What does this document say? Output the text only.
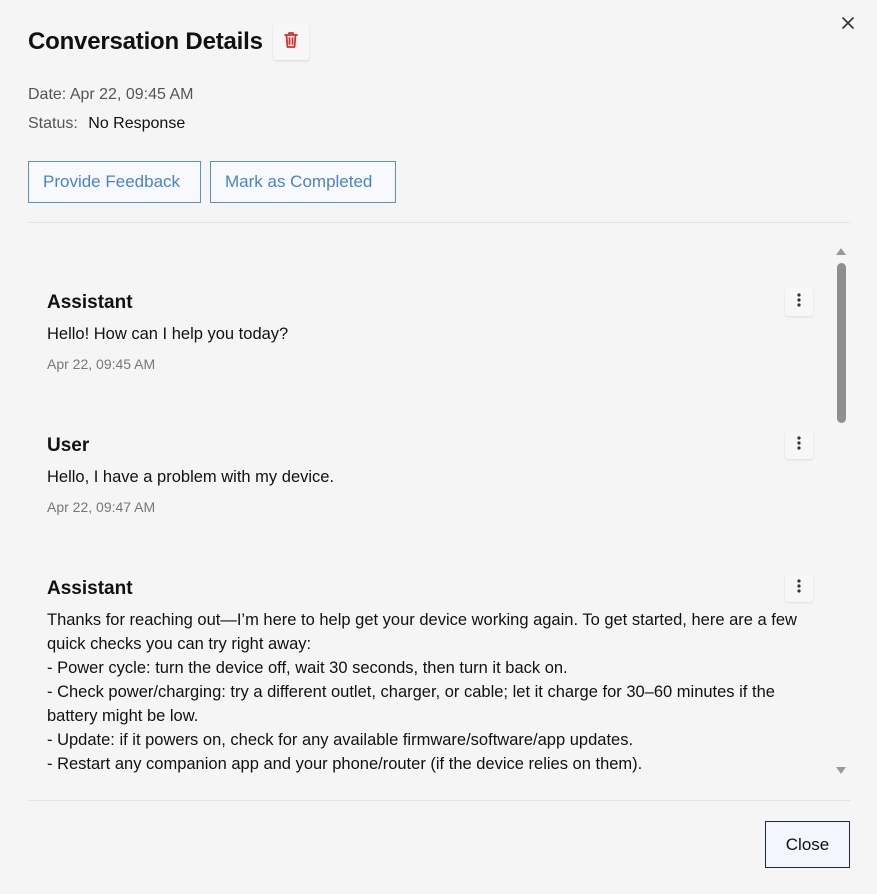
Conversation Details
Date: Apr 22, 09:45 AM
Status: No Response
Provide Feedback	Mark as Completed
Assistant
Hello! How can I help you today?
Apr 22, 09:45 AM
User
Hello, I have a problem with my device.
Apr 22, 09:47 AM
Assistant
Thanks for reaching out—I’m here to help get your device working again. To get started, here are a few quick checks you can try right away:
- Power cycle: turn the device off, wait 30 seconds, then turn it back on.
- Check power/charging: try a different outlet, charger, or cable; let it charge for 30–60 minutes if the battery might be low.
- Update: if it powers on, check for any available firmware/software/app updates.
- Restart any companion app and your phone/router (if the device relies on them).
Close
